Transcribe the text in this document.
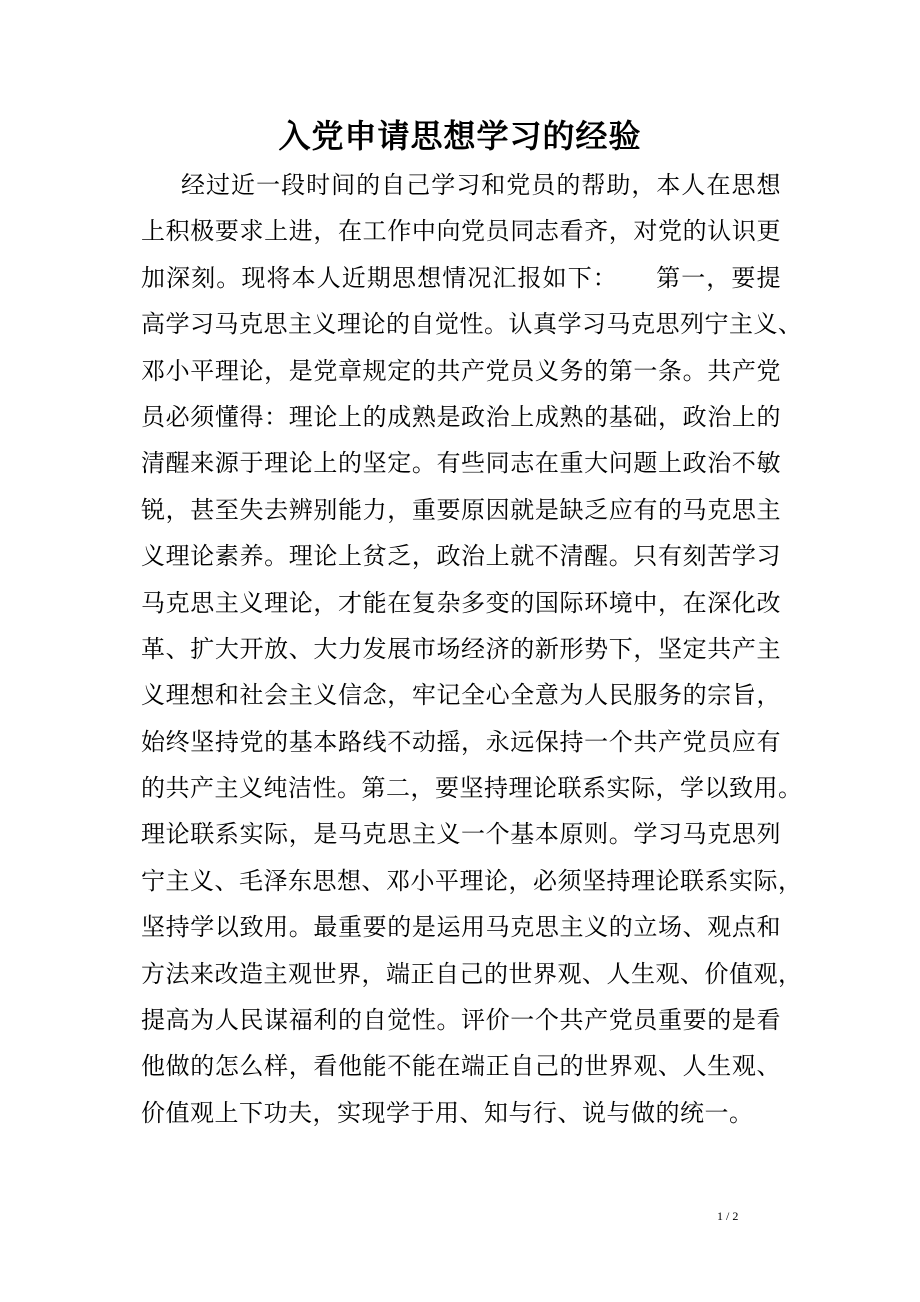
入党申请思想学习的经验
经过近一段时间的自己学习和党员的帮助，本人在思想
上积极要求上进，在工作中向党员同志看齐，对党的认识更
加深刻。现将本人近期思想情况汇报如下：　　第一，要提
高学习马克思主义理论的自觉性。认真学习马克思列宁主义、
邓小平理论，是党章规定的共产党员义务的第一条。共产党
员必须懂得：理论上的成熟是政治上成熟的基础，政治上的
清醒来源于理论上的坚定。有些同志在重大问题上政治不敏
锐，甚至失去辨别能力，重要原因就是缺乏应有的马克思主
义理论素养。理论上贫乏，政治上就不清醒。只有刻苦学习
马克思主义理论，才能在复杂多变的国际环境中，在深化改
革、扩大开放、大力发展市场经济的新形势下，坚定共产主
义理想和社会主义信念，牢记全心全意为人民服务的宗旨，
始终坚持党的基本路线不动摇，永远保持一个共产党员应有
的共产主义纯洁性。第二，要坚持理论联系实际，学以致用。
理论联系实际，是马克思主义一个基本原则。学习马克思列
宁主义、毛泽东思想、邓小平理论，必须坚持理论联系实际，
坚持学以致用。最重要的是运用马克思主义的立场、观点和
方法来改造主观世界，端正自己的世界观、人生观、价值观，
提高为人民谋福利的自觉性。评价一个共产党员重要的是看
他做的怎么样，看他能不能在端正自己的世界观、人生观、
价值观上下功夫，实现学于用、知与行、说与做的统一。
1 / 2
